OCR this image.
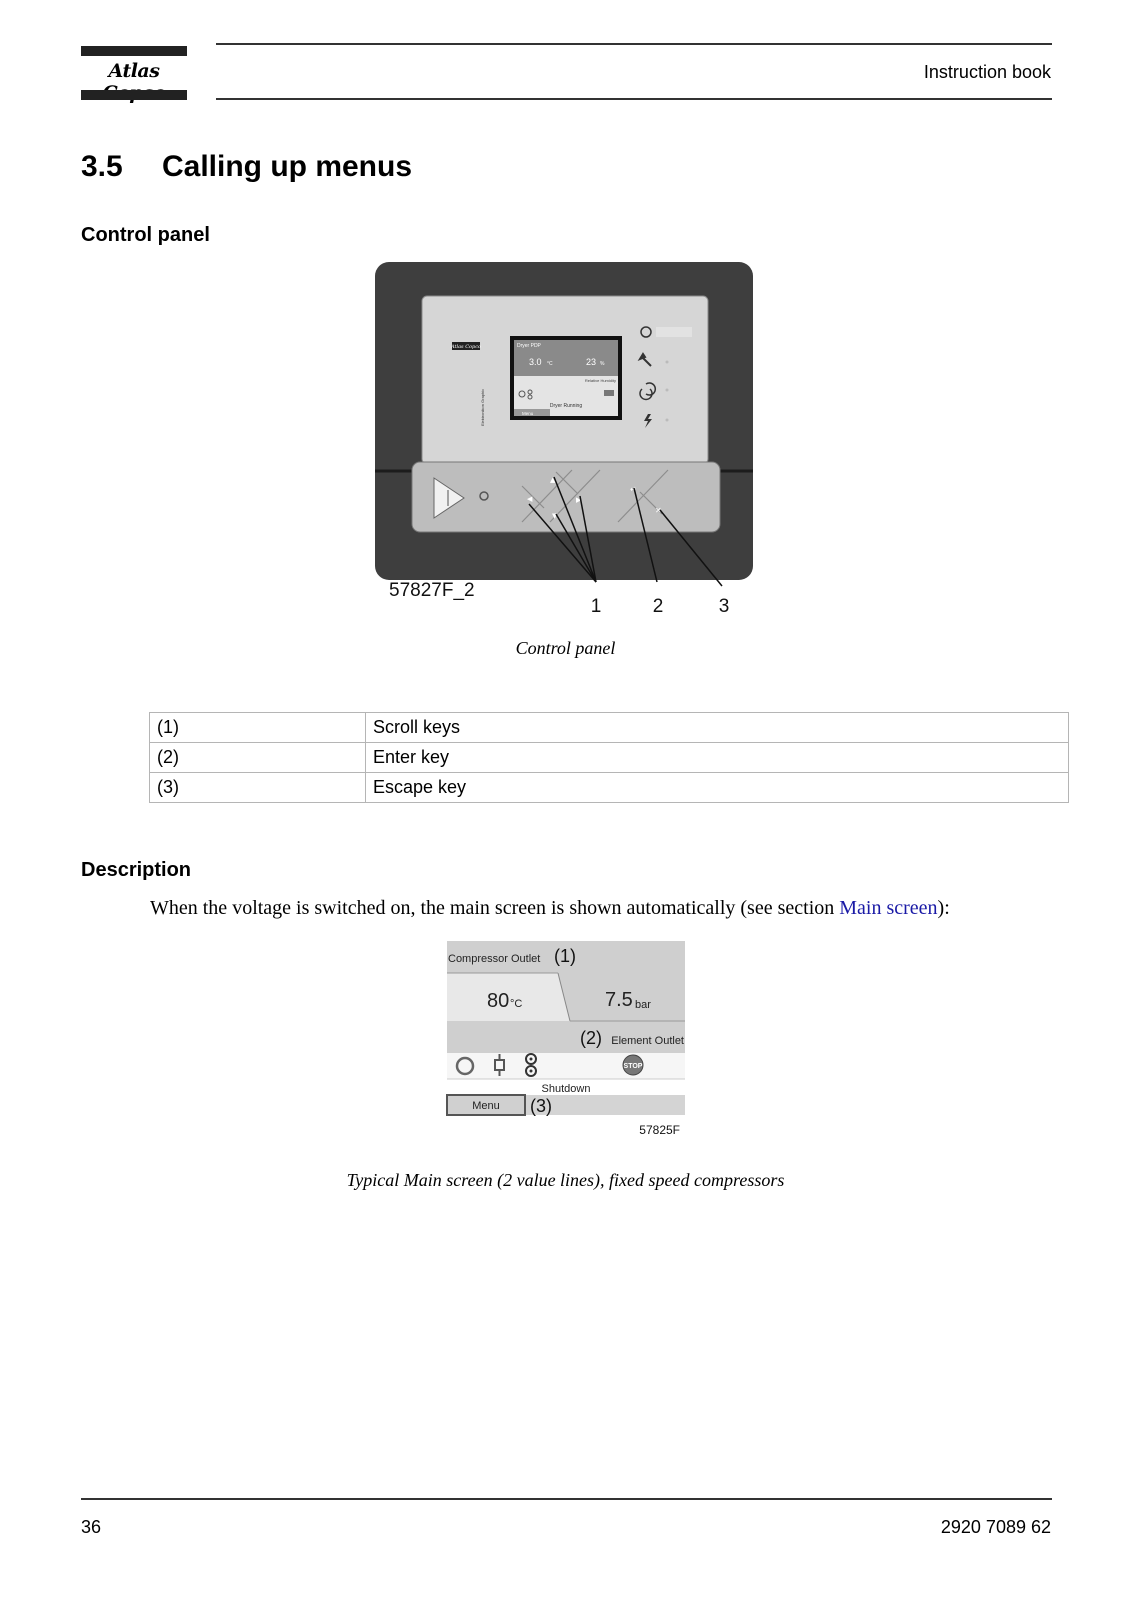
Atlas	Instruction book
3.5 Calling up menus
Control panel
Atlas Copco
Elektronikon Graphic
Dryer PDP
3.0 °C	23 %
Relative Humidity
Dryer Running
Menu
◀
▲
▶
▼
↵
✕
57827F_2
1	2	3
Control panel
(1)	Scroll keys
(2)	Enter key
(3)	Escape key
Description
When the voltage is switched on, the main screen is shown automatically (see section Main screen):
Compressor Outlet (1)
80 °C	7.5 bar
(2) Element Outlet
STOP
Shutdown
Menu (3)
57825F
Typical Main screen (2 value lines), fixed speed compressors
36	2920 7089 62
